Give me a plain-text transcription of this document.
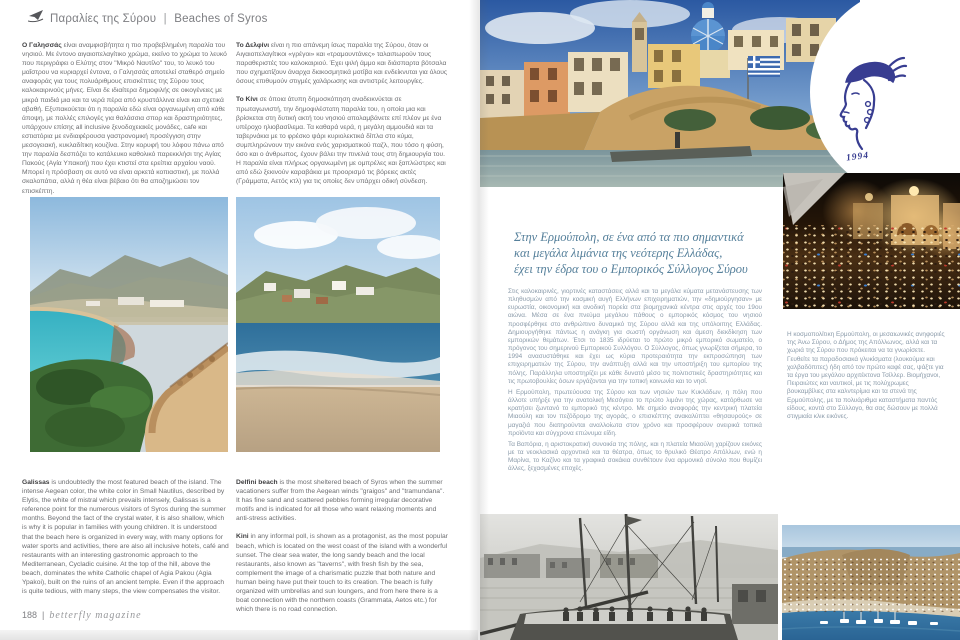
Παραλίες της Σύρου | Beaches of Syros

Ο Γαλησσάς είναι αναμφισβήτητα η πιο προβεβλημένη παραλία του νησιού. Με έντονο αιγαιοπελαγίτικο χρώμα, εκείνο το χρώμα το λευκό που περιγράφει ο Ελύτης στον "Μικρό Ναυτίλο" του, το λευκό του μαΐστρου να κυριαρχεί έντονα, ο Γαλησσάς αποτελεί σταθερό σημείο αναφοράς για τους πολυάριθμους επισκέπτες της Σύρου τους καλοκαιρινούς μήνες. Είναι δε ιδιαίτερα δημοφιλής σε οικογένειες με μικρά παιδιά μια και τα νερά πέρα από κρυστάλλινα είναι και σχετικά αβαθή. Εξυπακούεται ότι η παραλία εδώ είναι οργανωμένη από κάθε άποψη, με πολλές επιλογές για θαλάσσια σπορ και δραστηριότητες, υπάρχουν επίσης all inclusive ξενοδοχειακές μονάδες, cafe και εστιατόρια με ενδιαφέρουσα γαστρονομική προσέγγιση στην μεσογειακή, κυκλαδίτικη κουζίνα. Στην κορυφή του λόφου πάνω από την παραλία δεσπόζει το κατάλευκο καθολικό παρεκκλήσι της Αγίας Πακούς (Αγία Υπακοή) που έχει κτιστεί στα ερείπια αρχαίου ναού. Μπορεί η πρόσβαση σε αυτό να είναι αρκετά κοπιαστική, με πολλά σκαλοπάτια, αλλά η θέα είναι βέβαιο ότι θα αποζημιώσει τον επισκέπτη.

Το Δελφίνι είναι η πιο απάνεμη ίσως παραλία της Σύρου, όταν οι Αιγαιοπελαγίτικοι «γρέγοι» και «τραμουντάνες» ταλαιπωρούν τους παραθεριστές του καλοκαιριού. Έχει ψιλή άμμο και διάσπαρτα βότσαλα που σχηματίζουν άναρχα διακοσμητικά μοτίβα και ενδείκνυται για όλους όσους επιθυμούν στιγμές χαλάρωσης και αντιστρές λειτουργίες.

Το Κίνι σε όποια άτυπη δημοσκόπηση αναδεικνύεται σε πρωταγωνιστή, την δημοφιλέστατη παραλία του, η οποία μια και βρίσκεται στη δυτική ακτή του νησιού απολαμβάνετε επί πλέον με ένα υπέροχο ηλιοβασίλεμα. Τα καθαρά νερά, η μεγάλη αμμουδιά και τα ταβερνάκια με το φρέσκο ψάρι κυριολεκτικά δίπλα στο κύμα, συμπληρώνουν την εικόνα ενός χαρισματικού παζλ, που τόσο η φύση, όσο και ο άνθρωπος, έχουν βάλει την πινελιά τους στη δημιουργία του. Η παραλία είναι πλήρως οργανωμένη με ομπρέλες και ξαπλώστρες και από εδώ ξεκινούν καραβάκια με προορισμό τις βόρειες ακτές (Γράμματα, Αετός κτλ) για τις οποίες δεν υπάρχει οδική σύνδεση.

Galissas is undoubtedly the most featured beach of the island. The intense Aegean color, the white color in Small Nautilus, described by Elytis, the white of mistral which prevails intensely, Galissas is a reference point for the numerous visitors of Syros during the summer months. Beyond the fact of the crystal water, it is also shallow, which is why it is popular in families with young children. It is understood that the beach here is organized in every way, with many options for water sports and activities, there are also all inclusive hotels, café and restaurants with an interesting gastronomic approach to the Mediterranean, Cycladic cuisine. At the top of the hill, above the beach, dominates the white Catholic chapel of Agia Pakou (Agia Ypakoi), built on the ruins of an ancient temple. Even if the approach is quite tedious, with many steps, the view compensates the visitor.

Delfini beach is the most sheltered beach of Syros when the summer vacationers suffer from the Aegean winds "graigos" and "tramundana". It has fine sand and scattered pebbles forming irregular decorative motifs and is indicated for all those who want relaxing moments and anti-stress activities.

Kini in any informal poll, is shown as a protagonist, as the most popular beach, which is located on the west coast of the island with a wonderful sunset. The clear sea water, the long sandy beach and the local restaurants, also known as "taverns", with fresh fish by the sea, complement the image of a charismatic puzzle that both nature and human being have put their touch to its creation. The beach is fully organized with umbrellas and sun loungers, and from here there is a boat connection with the northern coasts (Grammata, Aetos etc.) for which there is no road connection.

188 | betterfly magazine
1994
Στην Ερμούπολη, σε ένα από τα πιο σημαντικά
και μεγάλα λιμάνια της νεότερης Ελλάδας,
έχει την έδρα του ο Εμπορικός Σύλλογος Σύρου

Στις καλοκαιρινές, γιορτινές καταστάσεις αλλά και τα μεγάλα κύματα μετανάστευσης των πληθυσμών από την κοσμική αυγή Ελλήνων επιχειρηματιών, την «δημιούργησαν» με ευρωστία, οικονομική και ανοδική πορεία στα βιομηχανικά κέντρα στις αρχές του 19ου αιώνα. Μέσα σε ένα πνεύμα μεγάλου πάθους ο εμπορικός κόσμος του νησιού προσφέρθηκε στο ανθρώπινο δυναμικό της Σύρου αλλά και της υπόλοιπης Ελλάδας. Δημιουργήθηκε πάντως η ανάγκη για σωστή οργάνωση και άμεση διεκδίκηση των εμπορικών θεμάτων. Έτσι το 1835 ιδρύεται το πρώτο μικρό εμπορικό σωματείο, ο πρόγονος του σημερινού Εμπορικού Συλλόγου. Ο Σύλλογος, όπως γνωρίζεται σήμερα, το 1994 ανασυστάθηκε και έχει ως κύρια προτεραιότητα την εκπροσώπηση των επιχειρηματιών της Σύρου, την ανάπτυξη αλλά και την υποστήριξη του εμπορίου της πόλης. Παράλληλα υποστηρίζει με κάθε δυνατό μέσο τις πολιτιστικές δραστηριότητες και τις πρωτοβουλίες όσων εργάζονται για την τοπική κοινωνία και το νησί.

Η Ερμούπολη, πρωτεύουσα της Σύρου και των νησιών των Κυκλάδων, η πόλη που άλλοτε υπήρξε για την ανατολική Μεσόγειο το πρώτο λιμάνι της χώρας, κατόρθωσε να κρατήσει ζωντανό το εμπορικό της κέντρο. Με σημείο αναφοράς την κεντρική πλατεία Μιαούλη και τον πεζόδρομο της αγοράς, ο επισκέπτης ανακαλύπτει «θησαυρούς» σε μαγαζιά που διατηρούνται αναλλοίωτα στον χρόνο και προσφέρουν ονειρικά τοπικά προϊόντα και σύγχρονα επώνυμα είδη.

Τα Βαπόρια, η αριστοκρατική συνοικία της πόλης, και η πλατεία Μιαούλη χαρίζουν εικόνες με τα νεοκλασικά αρχοντικά και τα θέατρα, όπως το θρυλικό Θέατρο Απόλλων, ενώ η Μαρίνα, το Καζίνο και τα γραφικά σοκάκια συνθέτουν ένα αρμονικό σύνολο που θυμίζει άλλες, ξεχασμένες εποχές.

Η κοσμοπολίτικη Ερμούπολη, οι μεσαιωνικές ανηφοριές της Άνω Σύρου, ο Δήμος της Απόλλωνος, αλλά και τα χωριά της Σύρου που πρόκειται να τα γνωρίσετε. Γευθείτε τα παραδοσιακά γλυκίσματα (λουκούμια και χαλβαδόπιτες) ήδη από τον πρώτο καφέ σας, ψάξτε για τα έργα του μεγάλου αρχιτέκτονα Τσίλλερ. Βιομήχανοι, Πειραιώτες και ναυτικοί, με τις πολύχρωμες βουκαμβίλιες στα καλντερίμια και τα στενά της Ερμούπολης, με τα πολυάριθμα καταστήματα παντός είδους, κοντά στο Σύλλογο, θα σας δώσουν με πολλά στιγμιαία κλικ εικόνες.
